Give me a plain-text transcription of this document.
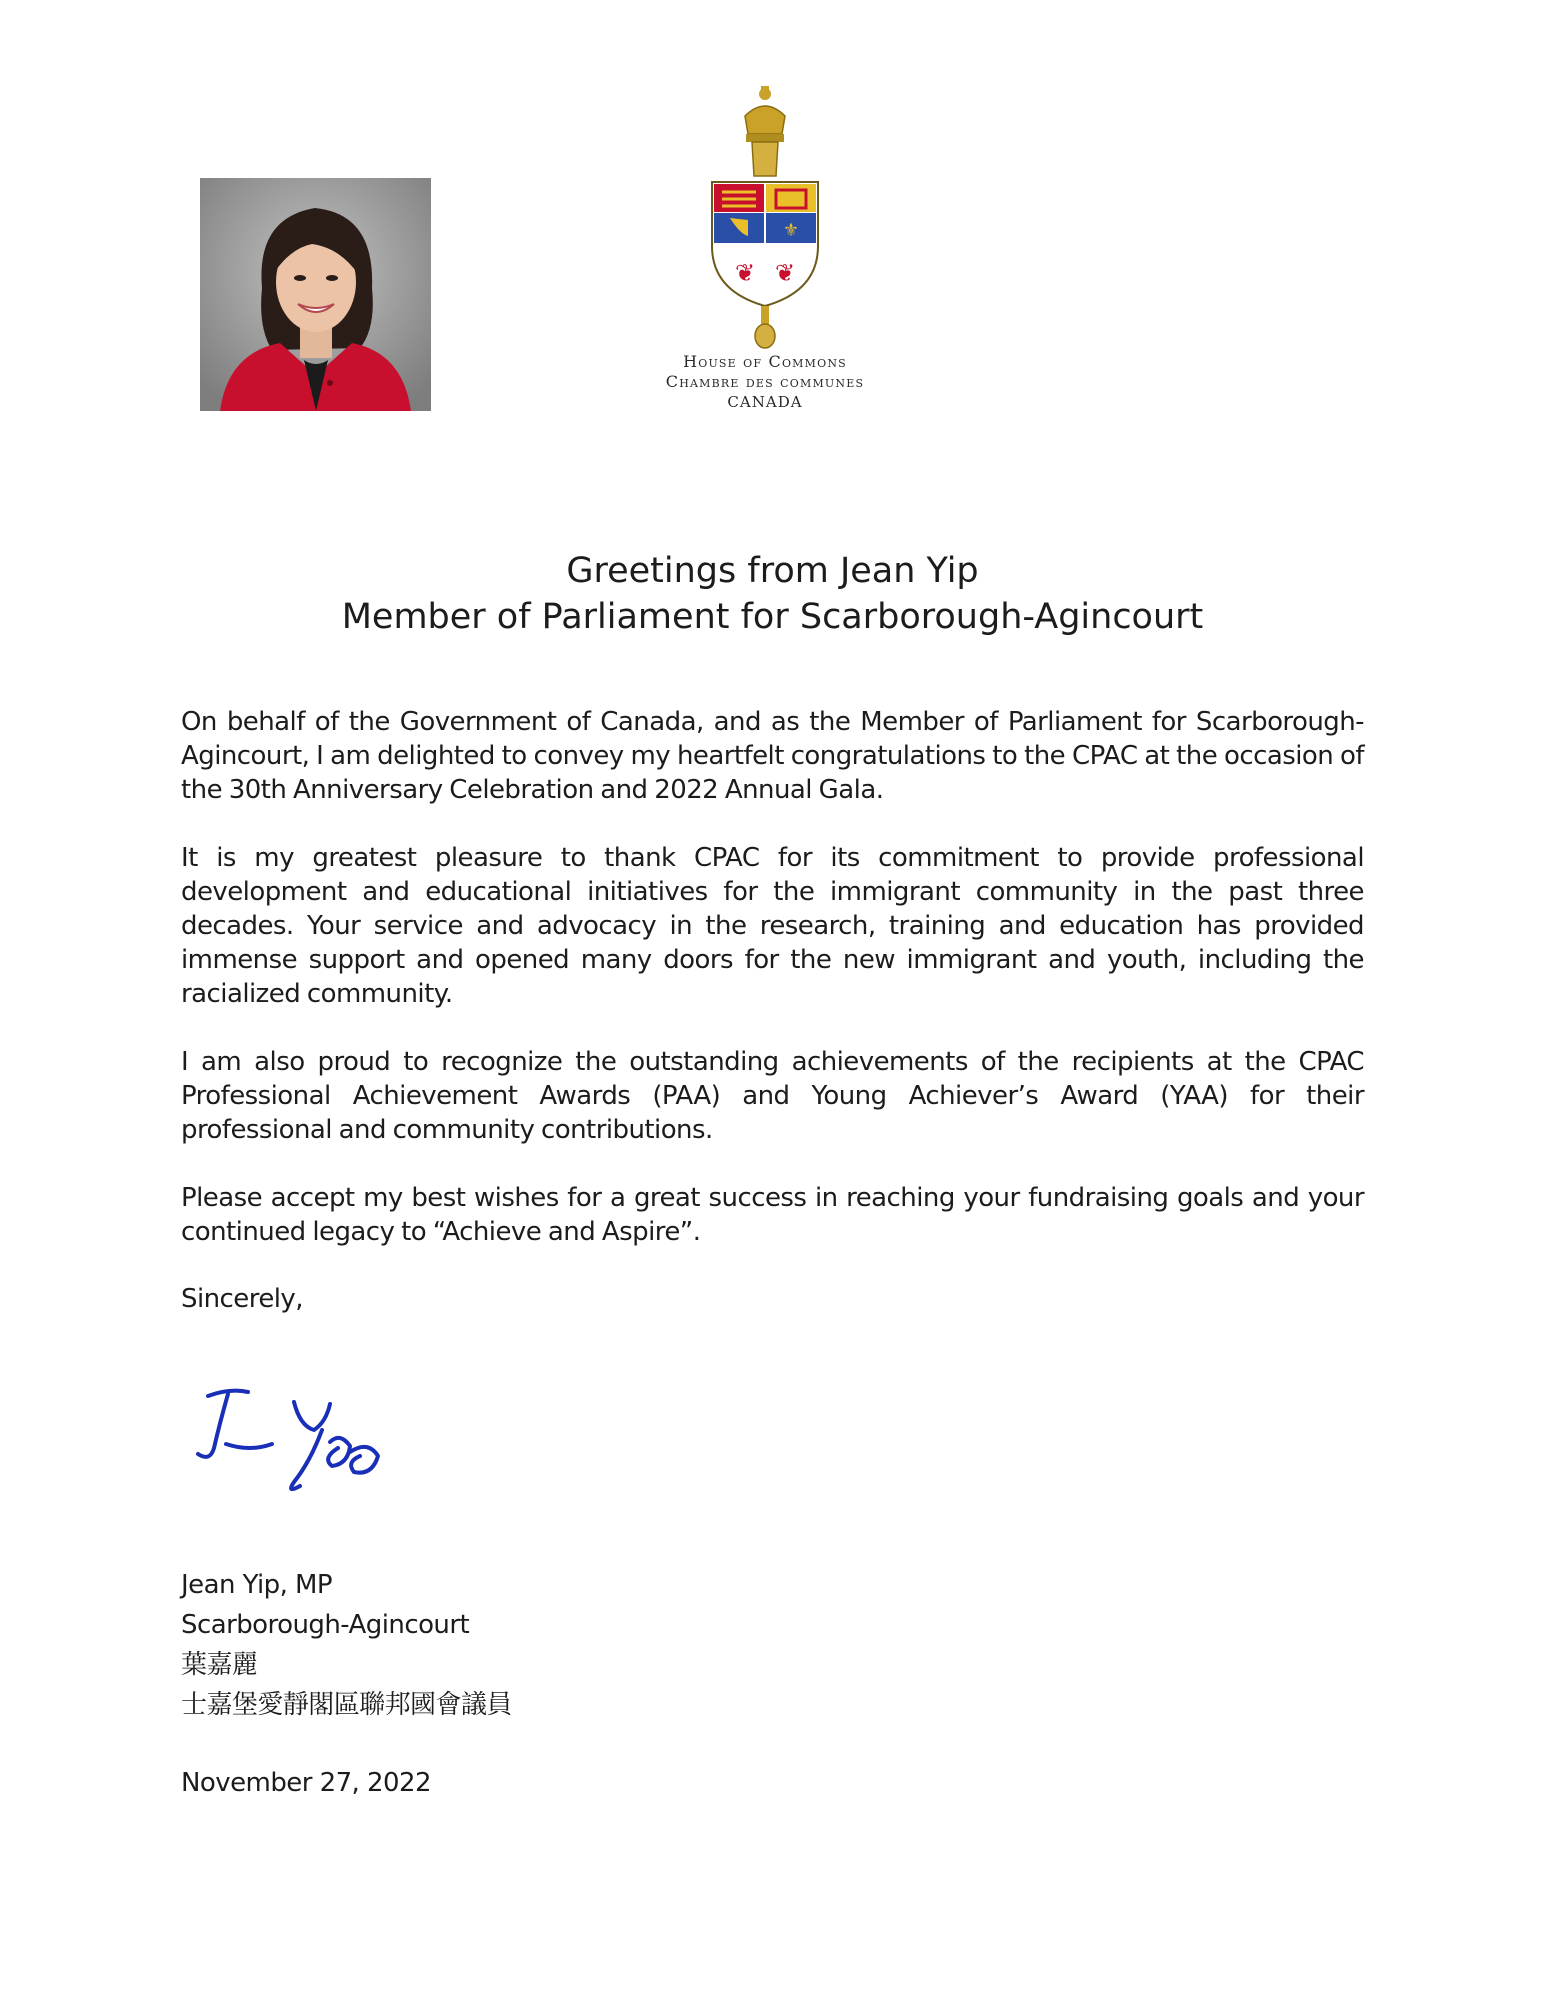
⚜
❦ ❦
House of Commons
Chambre des communes
CANADA
Greetings from Jean Yip
Member of Parliament for Scarborough-Agincourt

On behalf of the Government of Canada, and as the Member of Parliament for Scarborough-Agincourt, I am delighted to convey my heartfelt congratulations to the CPAC at the occasion of the 30th Anniversary Celebration and 2022 Annual Gala.

It is my greatest pleasure to thank CPAC for its commitment to provide professional development and educational initiatives for the immigrant community in the past three decades. Your service and advocacy in the research, training and education has provided immense support and opened many doors for the new immigrant and youth, including the racialized community.

I am also proud to recognize the outstanding achievements of the recipients at the CPAC Professional Achievement Awards (PAA) and Young Achiever’s Award (YAA) for their professional and community contributions.

Please accept my best wishes for a great success in reaching your fundraising goals and your continued legacy to “Achieve and Aspire”.

Sincerely,
Jean Yip, MP
Scarborough-Agincourt
葉嘉麗
士嘉堡愛靜閣區聯邦國會議員
November 27, 2022
